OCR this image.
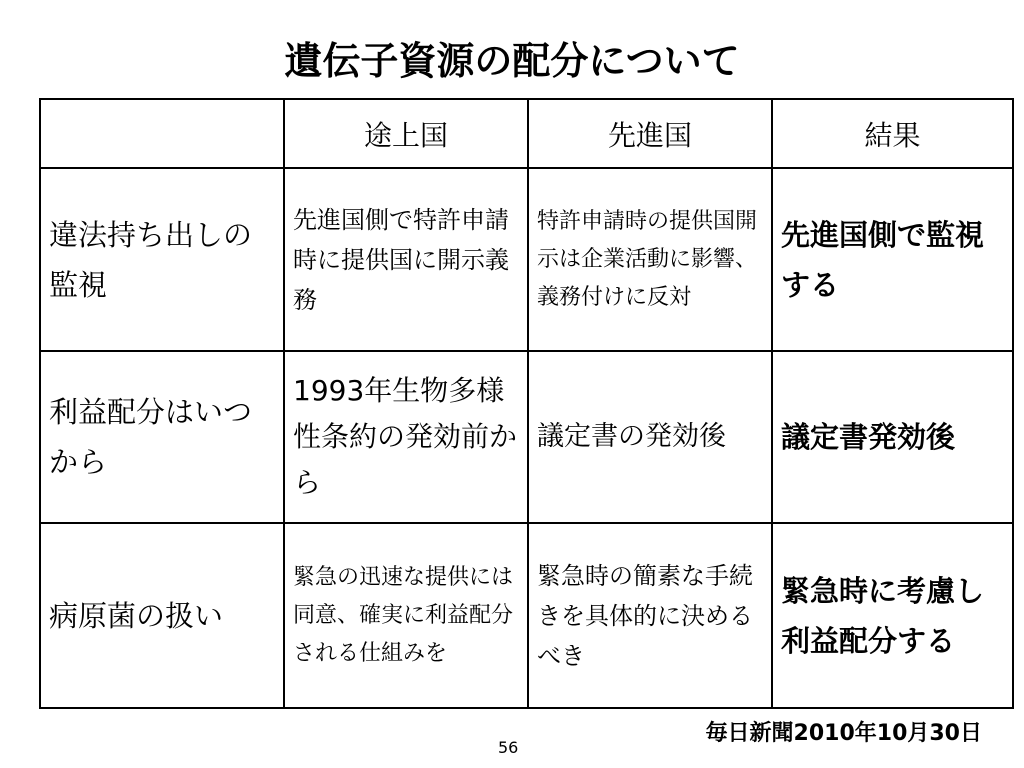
遺伝子資源の配分について
	途上国	先進国	結果
違法持ち出しの監視	先進国側で特許申請時に提供国に開示義務	特許申請時の提供国開示は企業活動に影響、義務付けに反対	先進国側で監視する
利益配分はいつから	1993年生物多様性条約の発効前から	議定書の発効後	議定書発効後
病原菌の扱い	緊急の迅速な提供には同意、確実に利益配分される仕組みを	緊急時の簡素な手続きを具体的に決めるべき	緊急時に考慮し利益配分する
56
毎日新聞2010年10月30日
